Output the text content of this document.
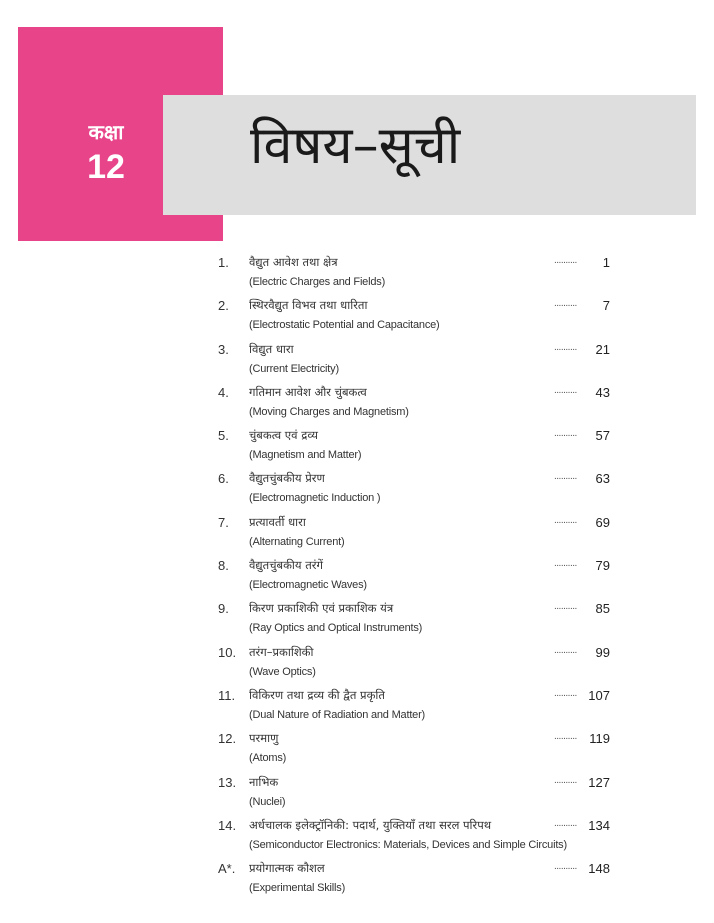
कक्षा
12	विषय–सूची
1. वैद्युत आवेश तथा क्षेत्र
(Electric Charges and Fields)
.......... 1
2. स्थिरवैद्युत विभव तथा धारिता
(Electrostatic Potential and Capacitance)
.......... 7
3. विद्युत धारा
(Current Electricity)
.......... 21
4. गतिमान आवेश और चुंबकत्व
(Moving Charges and Magnetism)
.......... 43
5. चुंबकत्व एवं द्रव्य
(Magnetism and Matter)
.......... 57
6. वैद्युतचुंबकीय प्रेरण
(Electromagnetic Induction )
.......... 63
7. प्रत्यावर्ती धारा
(Alternating Current)
.......... 69
8. वैद्युतचुंबकीय तरंगें
(Electromagnetic Waves)
.......... 79
9. किरण प्रकाशिकी एवं प्रकाशिक यंत्र
(Ray Optics and Optical Instruments)
.......... 85
10. तरंग–प्रकाशिकी
(Wave Optics)
.......... 99
11. विकिरण तथा द्रव्य की द्वैत प्रकृति
(Dual Nature of Radiation and Matter)
.......... 107
12. परमाणु
(Atoms)
.......... 119
13. नाभिक
(Nuclei)
.......... 127
14. अर्धचालक इलेक्ट्रॉनिकी: पदार्थ, युक्तियाँ तथा सरल परिपथ
(Semiconductor Electronics: Materials, Devices and Simple Circuits)
.......... 134
A*. प्रयोगात्मक कौशल
(Experimental Skills)
.......... 148
